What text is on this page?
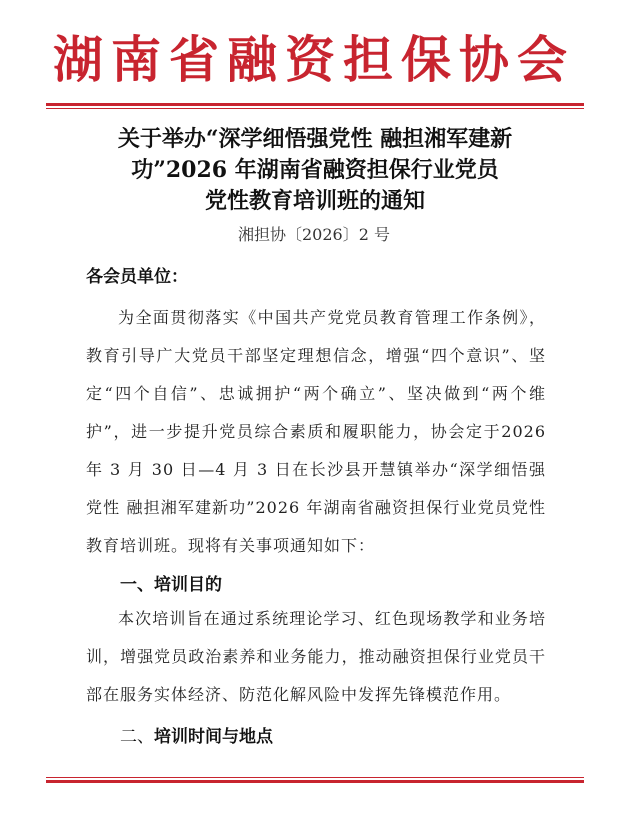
湖南省融资担保协会
关于举办“深学细悟强党性 融担湘军建新
功”2026 年湖南省融资担保行业党员
党性教育培训班的通知
湘担协〔2026〕2 号
各会员单位：
为全面贯彻落实《中国共产党党员教育管理工作条例》，教育引导广大党员干部坚定理想信念，增强“四个意识”、坚定“四个自信”、忠诚拥护“两个确立”、坚决做到“两个维护”，进一步提升党员综合素质和履职能力，协会定于2026 年 3 月 30 日—4 月 3 日在长沙县开慧镇举办“深学细悟强党性 融担湘军建新功”2026 年湖南省融资担保行业党员党性教育培训班。现将有关事项通知如下：
一、培训目的
本次培训旨在通过系统理论学习、红色现场教学和业务培训，增强党员政治素养和业务能力，推动融资担保行业党员干部在服务实体经济、防范化解风险中发挥先锋模范作用。
二、培训时间与地点
